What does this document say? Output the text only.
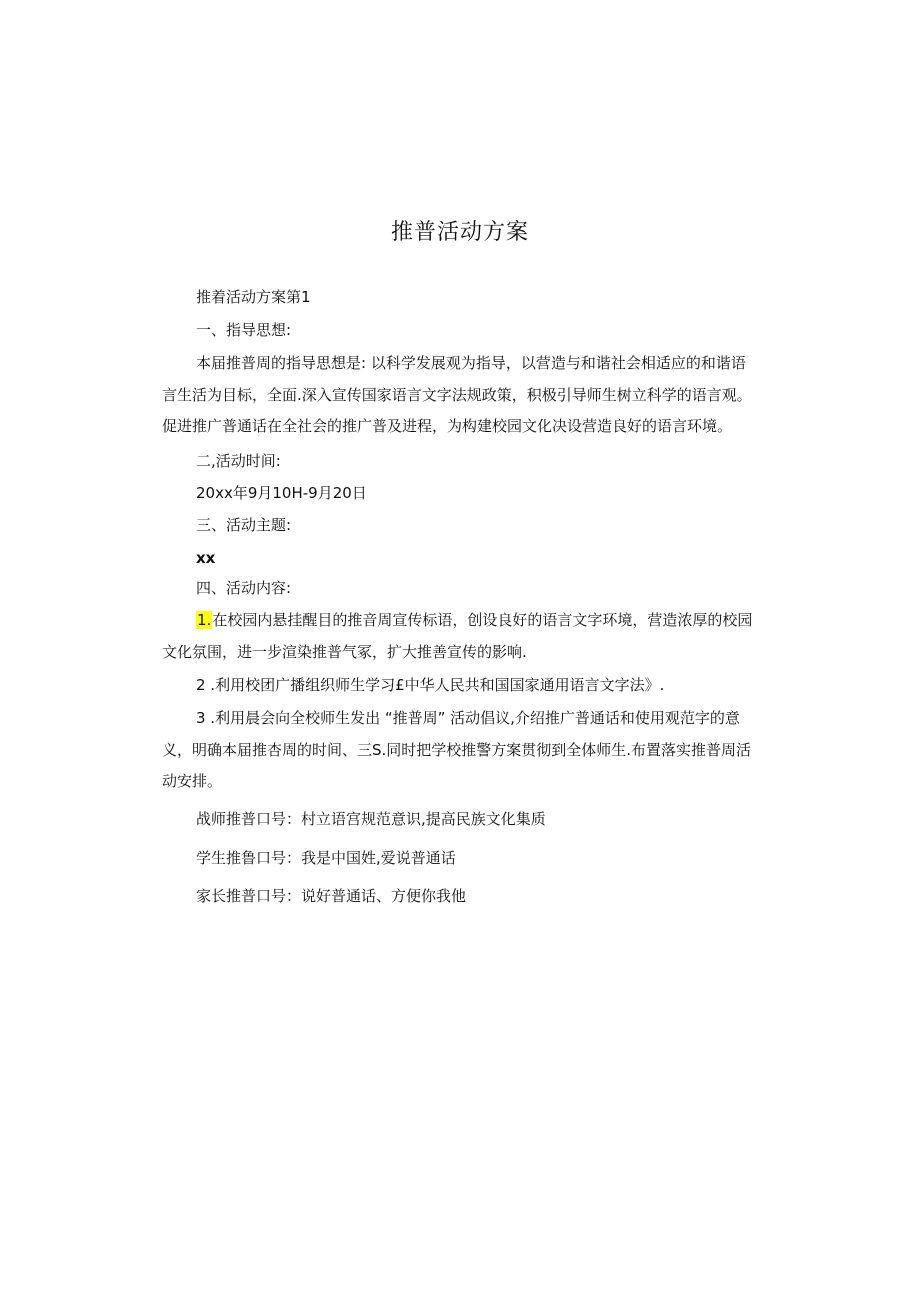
推普活动方案
推着活动方案第1
一、指导思想:
本届推普周的指导思想是: 以科学发展观为指导，以营造与和谐社会相适应的和谐语
言生活为目标，全面.深入宣传国家语言文字法规政策，积极引导师生树立科学的语言观。
促进推广普通话在全社会的推广普及进程，为构建校园文化决设营造良好的语言环境。
二,活动时间:
20xx年9月10H-9月20日
三、活动主题:
xx
四、活动内容:
1.在校园内悬挂醒目的推音周宣传标语，创设良好的语言文字环境，营造浓厚的校园
文化氛围，进一步渲染推普气冢，扩大推善宣传的影响.
2 .利用校团广播组织师生学习£中华人民共和国国家通用语言文字法》.
3 .利用晨会向全校师生发出 “推普周” 活动倡议,介绍推广普通话和使用观范字的意
义，明确本届推杏周的时间、三S.同时把学校推警方案贯彻到全体师生.布置落实推普周活
动安排。
战师推普口号：村立语宫规范意识,提高民族文化集质
学生推鲁口号：我是中国姓,爱说普通话
家长推普口号：说好普通话、方便你我他
